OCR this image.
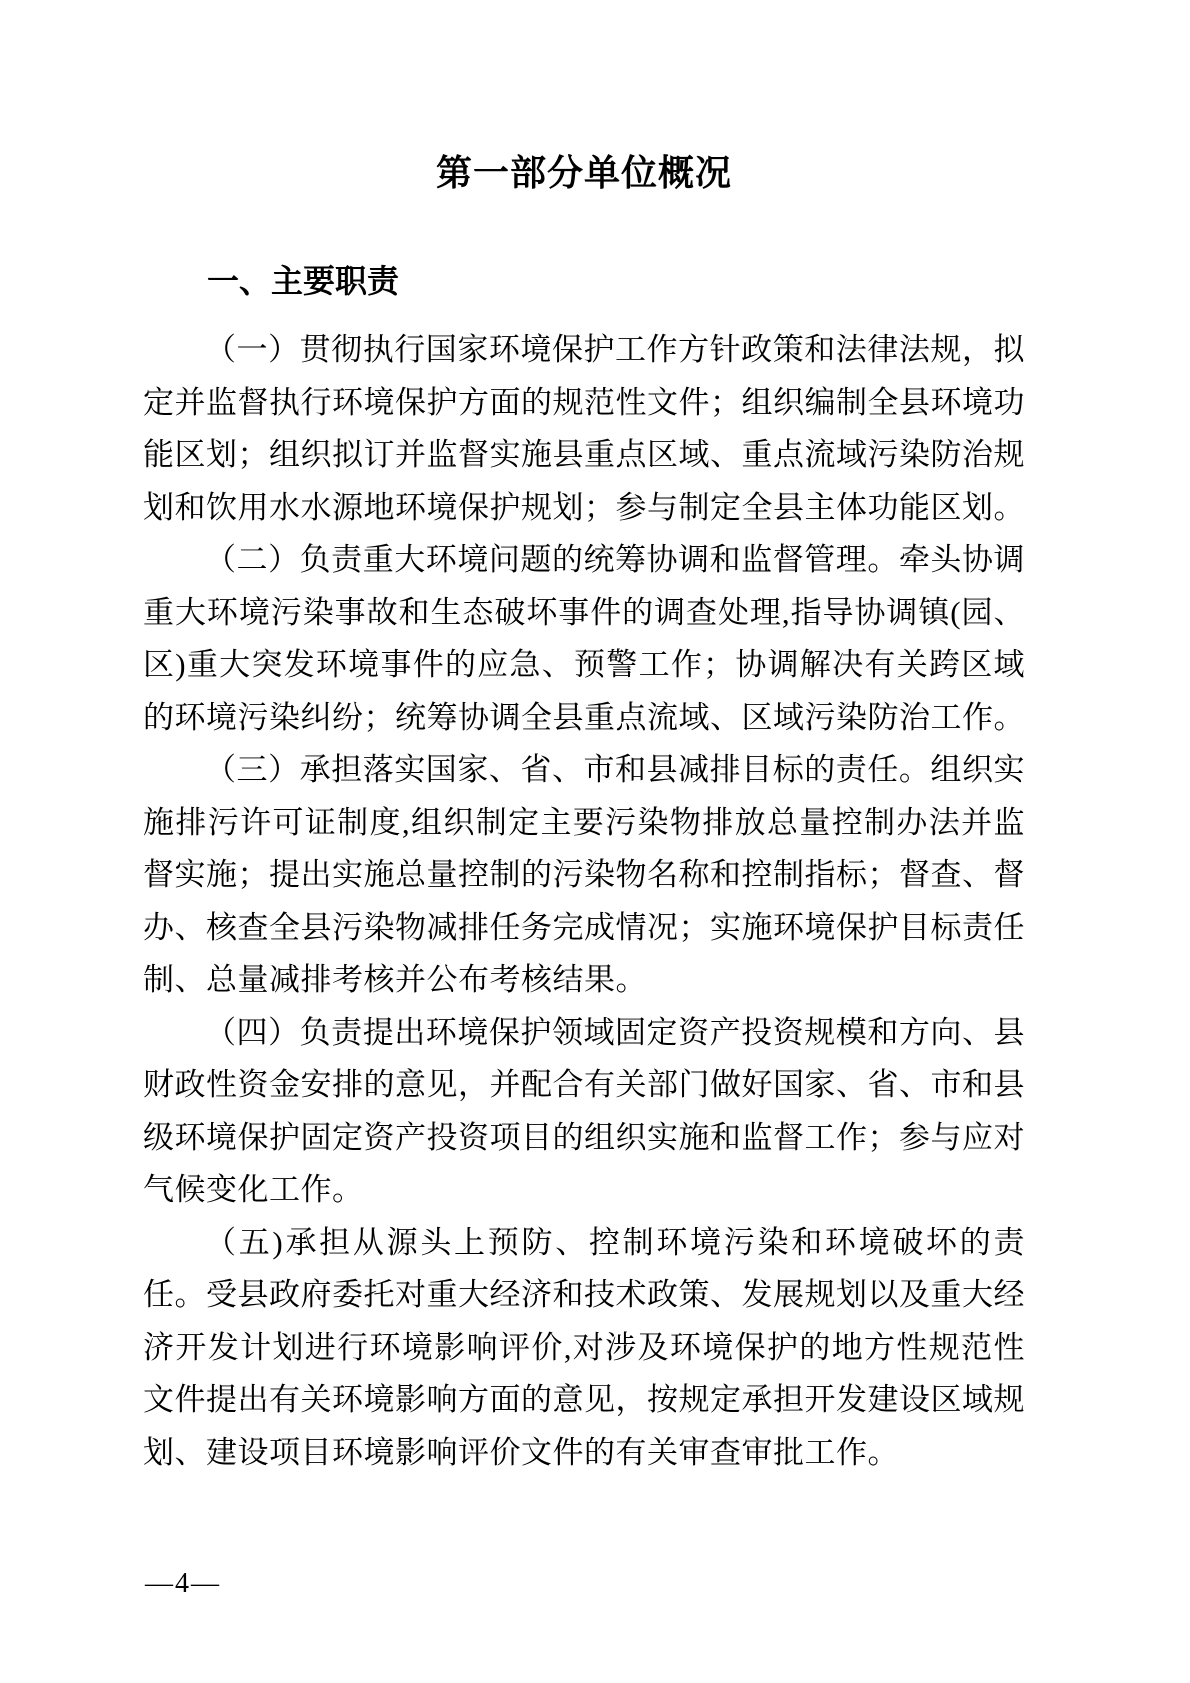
第一部分单位概况
一、主要职责

（一）贯彻执行国家环境保护工作方针政策和法律法规，拟定并监督执行环境保护方面的规范性文件；组织编制全县环境功能区划；组织拟订并监督实施县重点区域、重点流域污染防治规划和饮用水水源地环境保护规划；参与制定全县主体功能区划。

（二）负责重大环境问题的统筹协调和监督管理。牵头协调重大环境污染事故和生态破坏事件的调查处理,指导协调镇(园、区)重大突发环境事件的应急、预警工作；协调解决有关跨区域的环境污染纠纷；统筹协调全县重点流域、区域污染防治工作。

（三）承担落实国家、省、市和县减排目标的责任。组织实施排污许可证制度,组织制定主要污染物排放总量控制办法并监督实施；提出实施总量控制的污染物名称和控制指标；督查、督办、核查全县污染物减排任务完成情况；实施环境保护目标责任制、总量减排考核并公布考核结果。

（四）负责提出环境保护领域固定资产投资规模和方向、县财政性资金安排的意见，并配合有关部门做好国家、省、市和县级环境保护固定资产投资项目的组织实施和监督工作；参与应对气候变化工作。

（五)承担从源头上预防、控制环境污染和环境破坏的责任。受县政府委托对重大经济和技术政策、发展规划以及重大经济开发计划进行环境影响评价,对涉及环境保护的地方性规范性文件提出有关环境影响方面的意见，按规定承担开发建设区域规划、建设项目环境影响评价文件的有关审查审批工作。

—4—
